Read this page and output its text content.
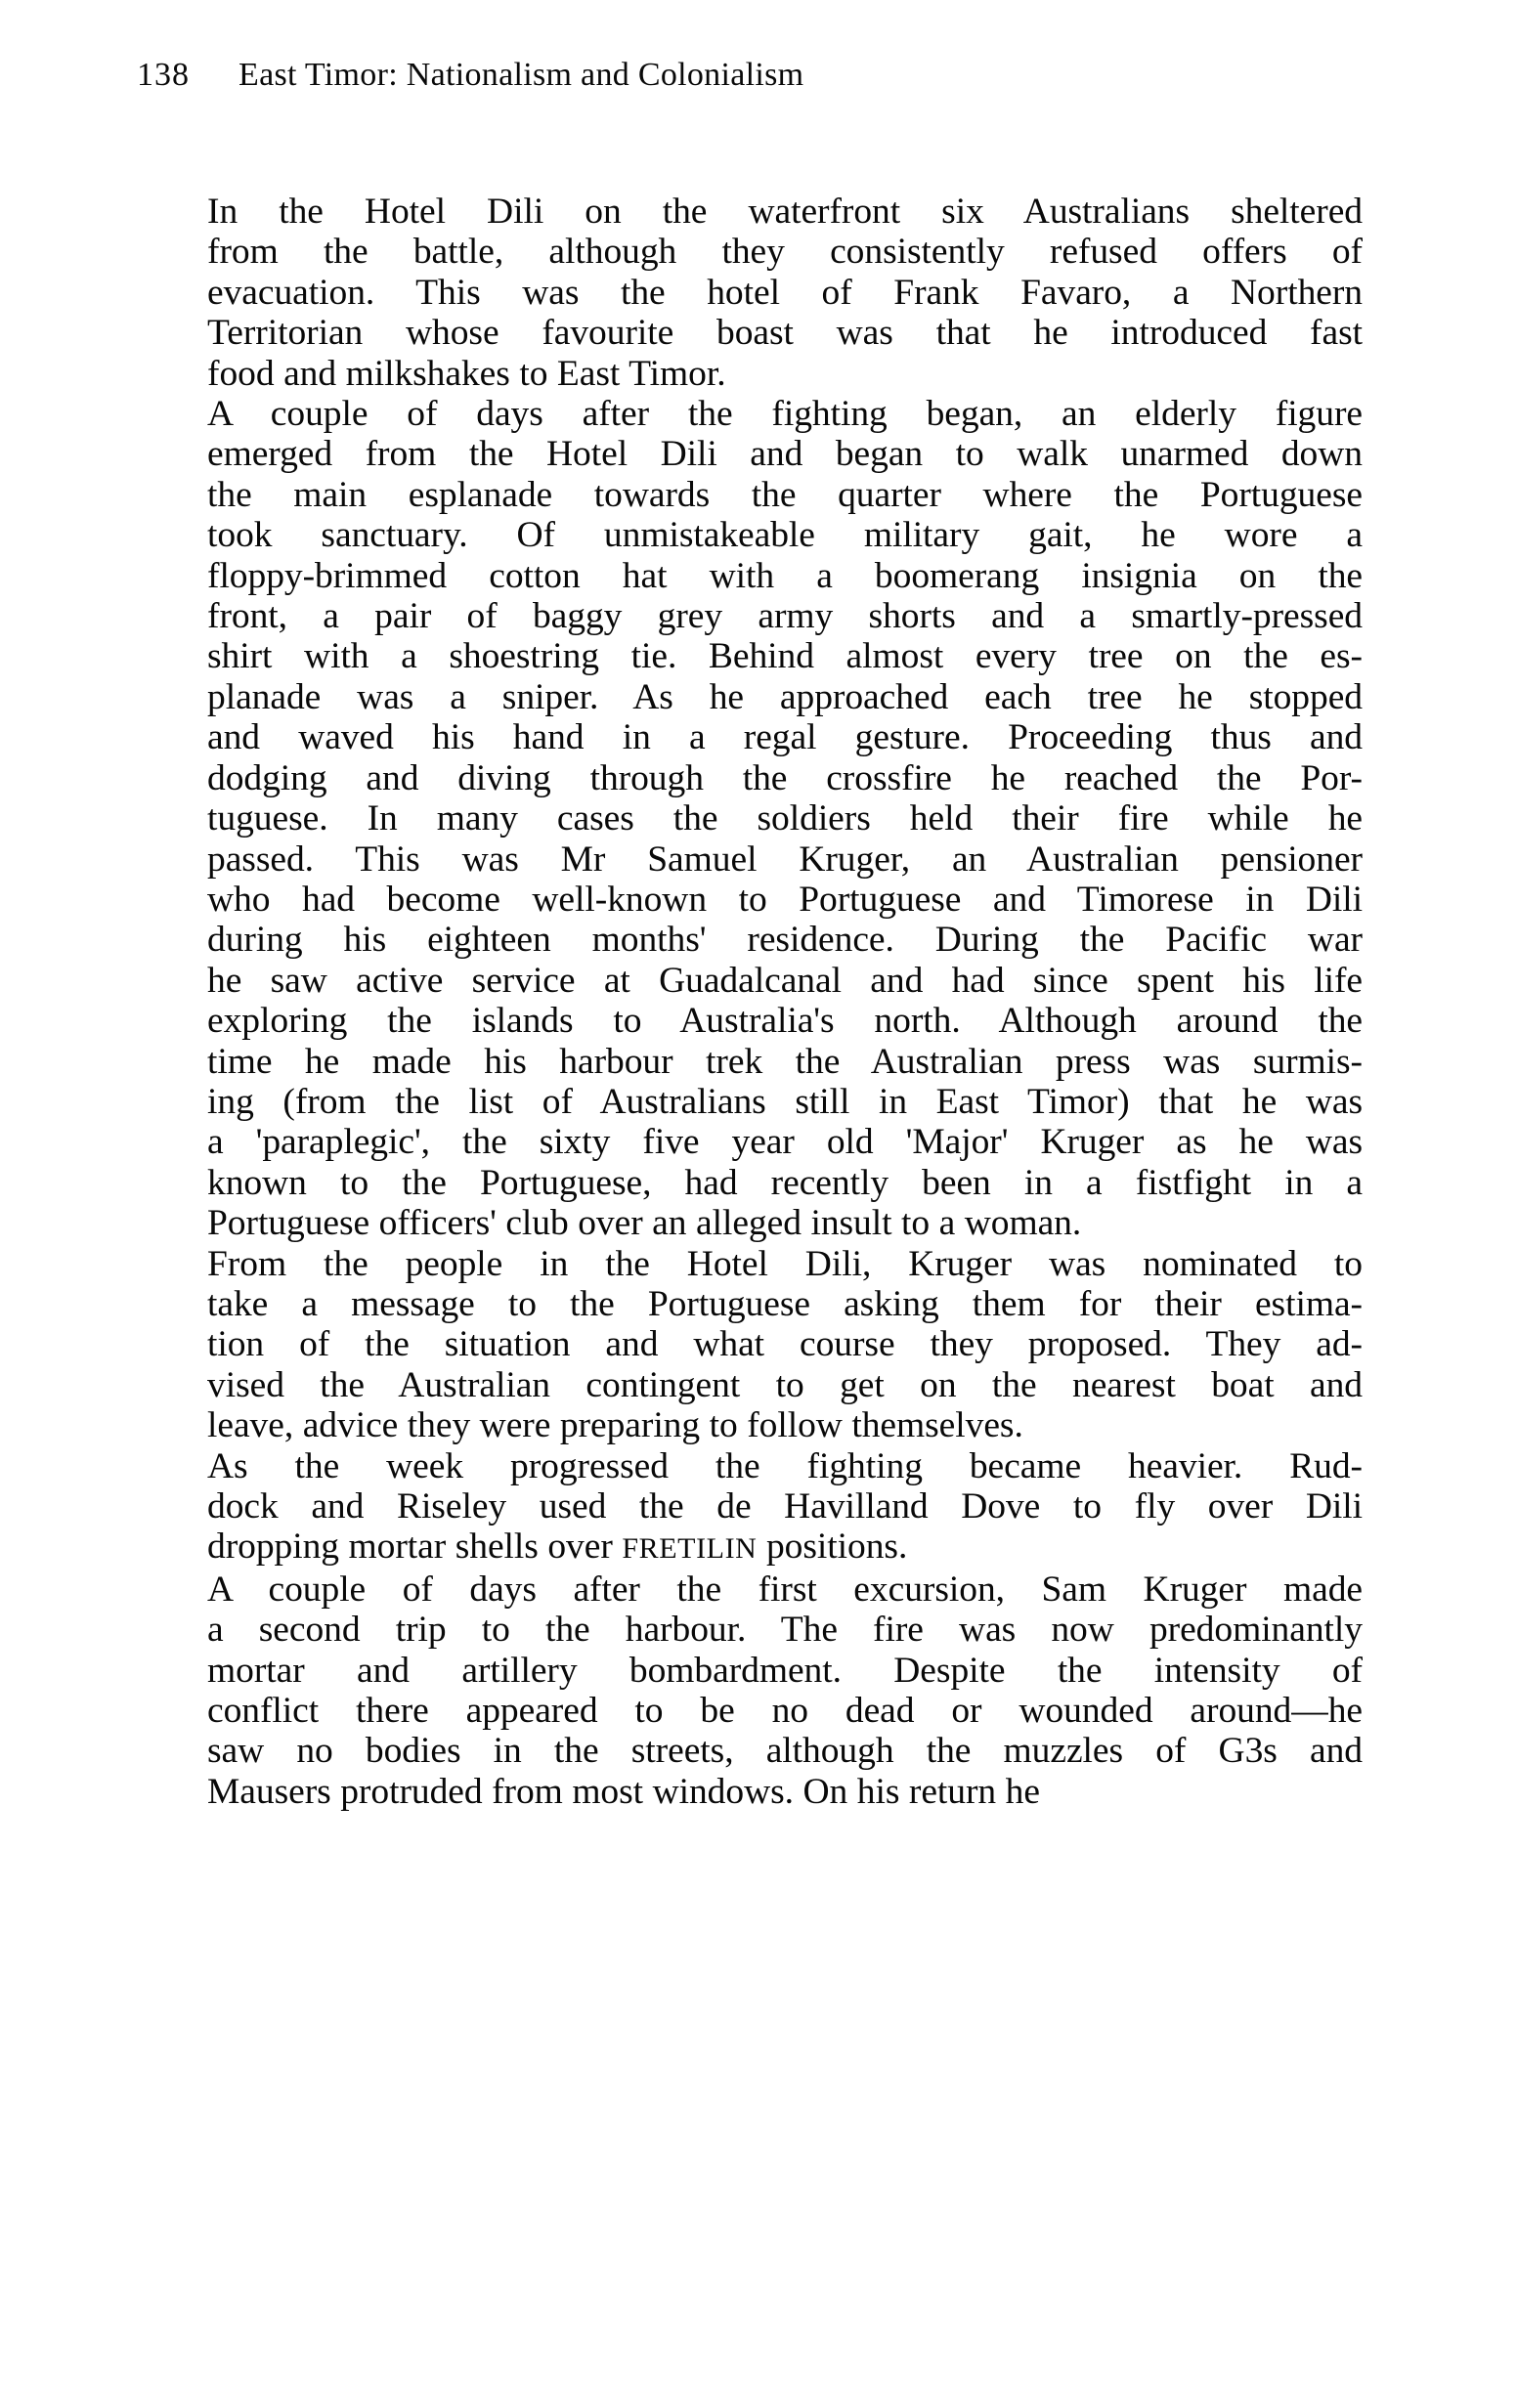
138	East Timor: Nationalism and Colonialism

In the Hotel Dili on the waterfront six Australians sheltered
from the battle, although they consistently refused offers of
evacuation. This was the hotel of Frank Favaro, a Northern
Territorian whose favourite boast was that he introduced fast
food and milkshakes to East Timor.

A couple of days after the fighting began, an elderly figure
emerged from the Hotel Dili and began to walk unarmed down
the main esplanade towards the quarter where the Portuguese
took sanctuary. Of unmistakeable military gait, he wore a
floppy-brimmed cotton hat with a boomerang insignia on the
front, a pair of baggy grey army shorts and a smartly-pressed
shirt with a shoestring tie. Behind almost every tree on the es-
planade was a sniper. As he approached each tree he stopped
and waved his hand in a regal gesture. Proceeding thus and
dodging and diving through the crossfire he reached the Por-
tuguese. In many cases the soldiers held their fire while he
passed. This was Mr Samuel Kruger, an Australian pensioner
who had become well-known to Portuguese and Timorese in Dili
during his eighteen months' residence. During the Pacific war
he saw active service at Guadalcanal and had since spent his life
exploring the islands to Australia's north. Although around the
time he made his harbour trek the Australian press was surmis-
ing (from the list of Australians still in East Timor) that he was
a 'paraplegic', the sixty five year old 'Major' Kruger as he was
known to the Portuguese, had recently been in a fistfight in a
Portuguese officers' club over an alleged insult to a woman.

From the people in the Hotel Dili, Kruger was nominated to
take a message to the Portuguese asking them for their estima-
tion of the situation and what course they proposed. They ad-
vised the Australian contingent to get on the nearest boat and
leave, advice they were preparing to follow themselves.

As the week progressed the fighting became heavier. Rud-
dock and Riseley used the de Havilland Dove to fly over Dili
dropping mortar shells over FRETILIN positions.

A couple of days after the first excursion, Sam Kruger made
a second trip to the harbour. The fire was now predominantly
mortar and artillery bombardment. Despite the intensity of
conflict there appeared to be no dead or wounded around—he
saw no bodies in the streets, although the muzzles of G3s and
Mausers protruded from most windows. On his return he
